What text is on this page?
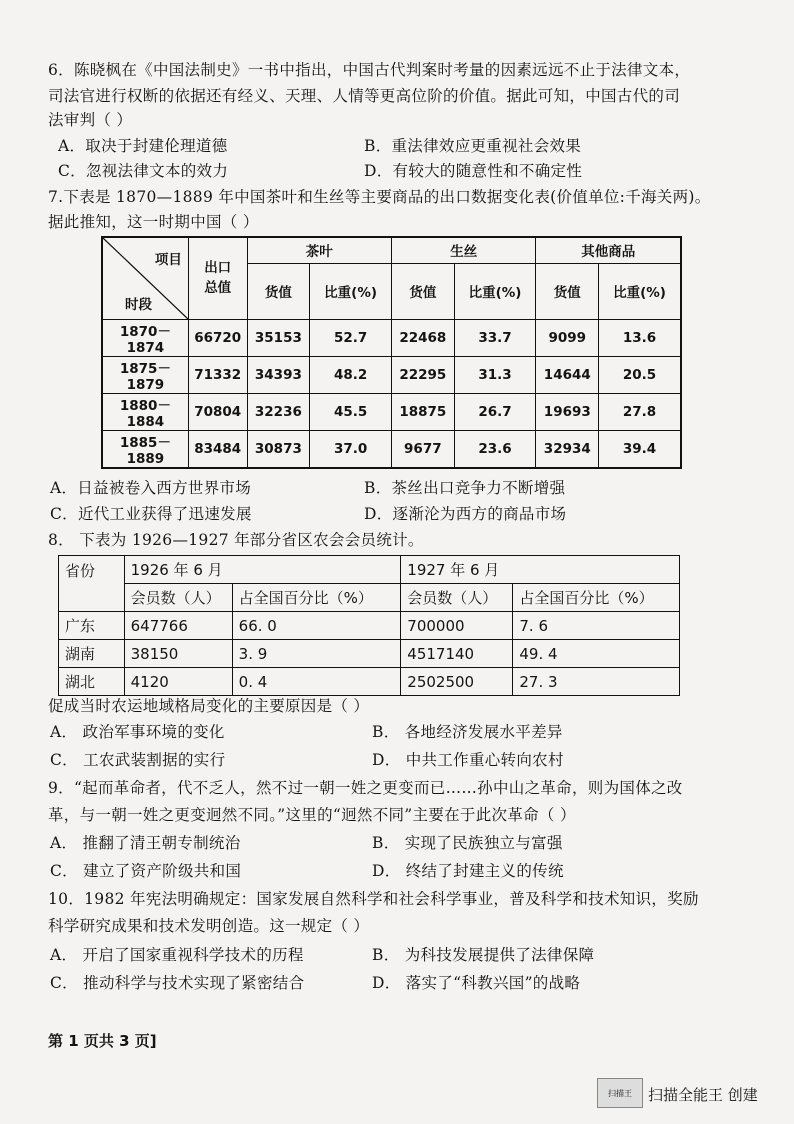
6．陈晓枫在《中国法制史》一书中指出，中国古代判案时考量的因素远远不止于法律文本，
司法官进行权断的依据还有经义、天理、人情等更高位阶的价值。据此可知，中国古代的司
法审判（ ）
A．取决于封建伦理道德	B．重法律效应更重视社会效果
C．忽视法律文本的效力	D．有较大的随意性和不确定性
7.下表是 1870—1889 年中国茶叶和生丝等主要商品的出口数据变化表(价值单位:千海关两)。
据此推知，这一时期中国（ ）
项目
时段	出口
总值	茶叶		生丝		其他商品	
		货值	比重(%)	货值	比重(%)	货值	比重(%)
1870－1874	66720	35153	52.7	22468	33.7	9099	13.6
1875－1879	71332	34393	48.2	22295	31.3	14644	20.5
1880－1884	70804	32236	45.5	18875	26.7	19693	27.8
1885－1889	83484	30873	37.0	9677	23.6	32934	39.4
A．日益被卷入西方世界市场	B．茶丝出口竞争力不断增强
C．近代工业获得了迅速发展	D．逐渐沦为西方的商品市场
8． 下表为 1926—1927 年部分省区农会会员统计。
省份	1926 年 6 月		1927 年 6 月	
	会员数（人）	占全国百分比（%）	会员数（人）	占全国百分比（%）
广东	647766	66. 0	700000	7. 6
湖南	38150	3. 9	4517140	49. 4
湖北	4120	0. 4	2502500	27. 3
促成当时农运地域格局变化的主要原因是（ ）
A． 政治军事环境的变化	B． 各地经济发展水平差异
C． 工农武装割据的实行	D． 中共工作重心转向农村
9．“起而革命者，代不乏人，然不过一朝一姓之更变而已……孙中山之革命，则为国体之改
革，与一朝一姓之更变迥然不同。”这里的“迥然不同”主要在于此次革命（ ）
A． 推翻了清王朝专制统治	B． 实现了民族独立与富强
C． 建立了资产阶级共和国	D． 终结了封建主义的传统
10．1982 年宪法明确规定：国家发展自然科学和社会科学事业，普及科学和技术知识，奖励
科学研究成果和技术发明创造。这一规定（ ）
A． 开启了国家重视科学技术的历程	B． 为科技发展提供了法律保障
C． 推动科学与技术实现了紧密结合	D． 落实了“科教兴国”的战略
第 1 页共 3 页]
扫描王	扫描全能王 创建
